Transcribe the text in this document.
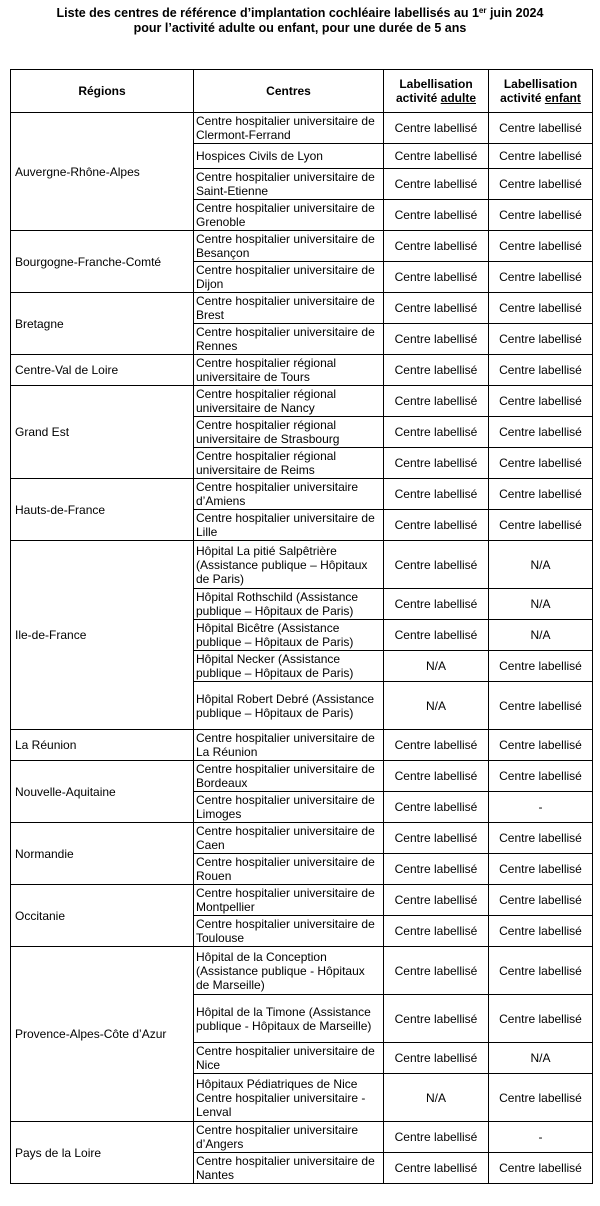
Liste des centres de référence d’implantation cochléaire labellisés au 1er juin 2024
pour l’activité adulte ou enfant, pour une durée de 5 ans
Régions	Centres	Labellisation activité adulte	Labellisation activité enfant
Auvergne-Rhône-Alpes	Centre hospitalier universitaire de Clermont-Ferrand	Centre labellisé	Centre labellisé
	Hospices Civils de Lyon	Centre labellisé	Centre labellisé
	Centre hospitalier universitaire de Saint-Etienne	Centre labellisé	Centre labellisé
	Centre hospitalier universitaire de Grenoble	Centre labellisé	Centre labellisé
Bourgogne-Franche-Comté	Centre hospitalier universitaire de Besançon	Centre labellisé	Centre labellisé
	Centre hospitalier universitaire de Dijon	Centre labellisé	Centre labellisé
Bretagne	Centre hospitalier universitaire de Brest	Centre labellisé	Centre labellisé
	Centre hospitalier universitaire de Rennes	Centre labellisé	Centre labellisé
Centre-Val de Loire	Centre hospitalier régional universitaire de Tours	Centre labellisé	Centre labellisé
Grand Est	Centre hospitalier régional universitaire de Nancy	Centre labellisé	Centre labellisé
	Centre hospitalier régional universitaire de Strasbourg	Centre labellisé	Centre labellisé
	Centre hospitalier régional universitaire de Reims	Centre labellisé	Centre labellisé
Hauts-de-France	Centre hospitalier universitaire d’Amiens	Centre labellisé	Centre labellisé
	Centre hospitalier universitaire de Lille	Centre labellisé	Centre labellisé
Ile-de-France	Hôpital La pitié Salpêtrière (Assistance publique – Hôpitaux de Paris)	Centre labellisé	N/A
	Hôpital Rothschild (Assistance publique – Hôpitaux de Paris)	Centre labellisé	N/A
	Hôpital Bicêtre (Assistance publique – Hôpitaux de Paris)	Centre labellisé	N/A
	Hôpital Necker (Assistance publique – Hôpitaux de Paris)	N/A	Centre labellisé
	Hôpital Robert Debré (Assistance publique – Hôpitaux de Paris)	N/A	Centre labellisé
La Réunion	Centre hospitalier universitaire de La Réunion	Centre labellisé	Centre labellisé
Nouvelle-Aquitaine	Centre hospitalier universitaire de Bordeaux	Centre labellisé	Centre labellisé
	Centre hospitalier universitaire de Limoges	Centre labellisé	-
Normandie	Centre hospitalier universitaire de Caen	Centre labellisé	Centre labellisé
	Centre hospitalier universitaire de Rouen	Centre labellisé	Centre labellisé
Occitanie	Centre hospitalier universitaire de Montpellier	Centre labellisé	Centre labellisé
	Centre hospitalier universitaire de Toulouse	Centre labellisé	Centre labellisé
Provence-Alpes-Côte d’Azur	Hôpital de la Conception (Assistance publique - Hôpitaux de Marseille)	Centre labellisé	Centre labellisé
	Hôpital de la Timone (Assistance publique - Hôpitaux de Marseille)	Centre labellisé	Centre labellisé
	Centre hospitalier universitaire de Nice	Centre labellisé	N/A
	Hôpitaux Pédiatriques de Nice Centre hospitalier universitaire - Lenval	N/A	Centre labellisé
Pays de la Loire	Centre hospitalier universitaire d’Angers	Centre labellisé	-
	Centre hospitalier universitaire de Nantes	Centre labellisé	Centre labellisé
